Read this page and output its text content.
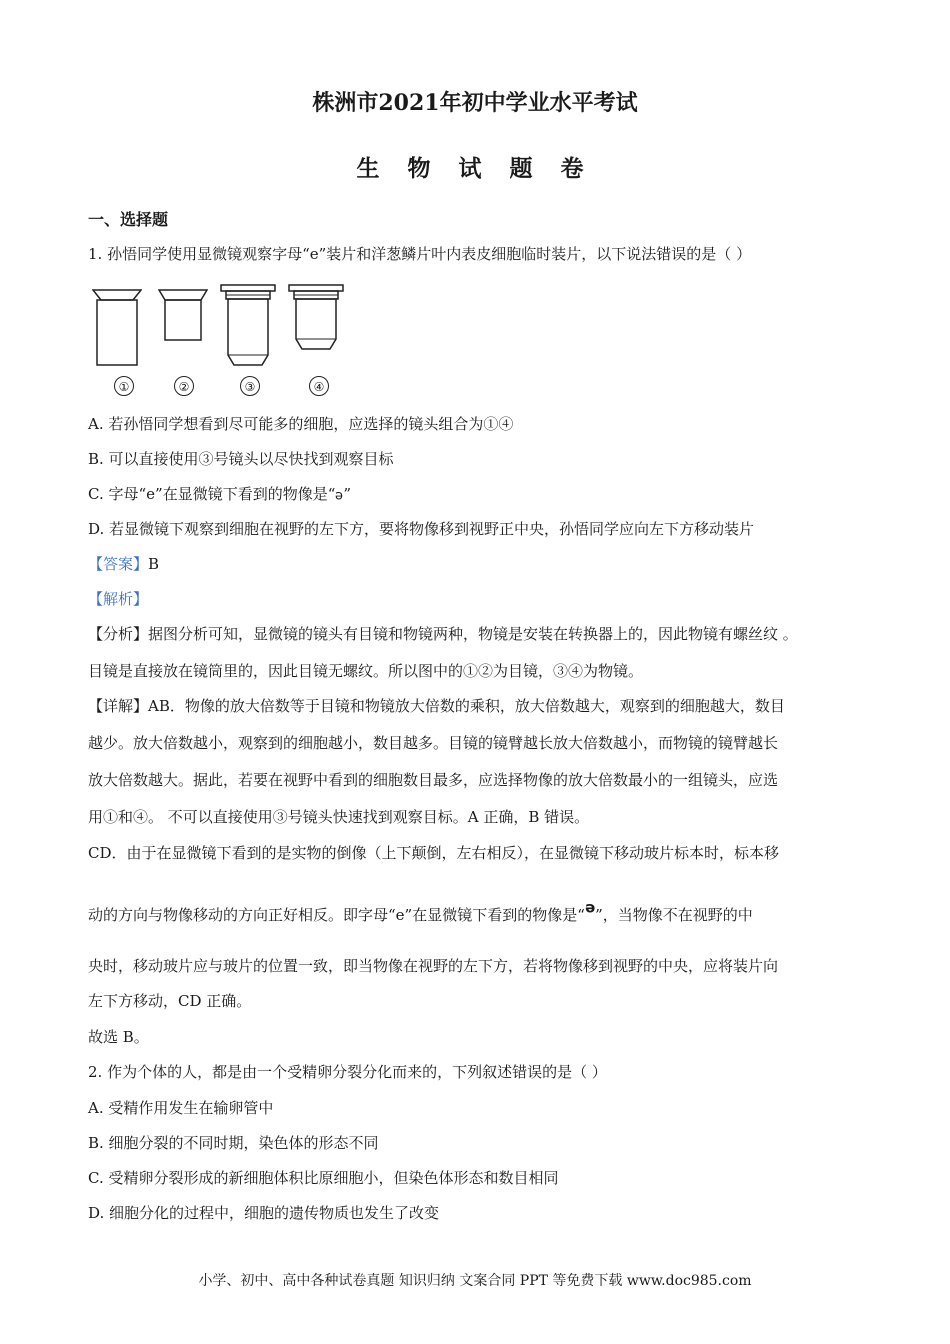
株洲市2021年初中学业水平考试
生 物 试 题 卷
一、选择题
1. 孙悟同学使用显微镜观察字母“e”装片和洋葱鳞片叶内表皮细胞临时装片，以下说法错误的是（ ）
①	②	③	④
A. 若孙悟同学想看到尽可能多的细胞，应选择的镜头组合为①④
B. 可以直接使用③号镜头以尽快找到观察目标
C. 字母“e”在显微镜下看到的物像是“e”
D. 若显微镜下观察到细胞在视野的左下方，要将物像移到视野正中央，孙悟同学应向左下方移动装片
【答案】B
【解析】
【分析】据图分析可知，显微镜的镜头有目镜和物镜两种，物镜是安装在转换器上的，因此物镜有螺丝纹 。
目镜是直接放在镜筒里的，因此目镜无螺纹。所以图中的①②为目镜，③④为物镜。
【详解】AB．物像的放大倍数等于目镜和物镜放大倍数的乘积，放大倍数越大，观察到的细胞越大，数目
越少。放大倍数越小，观察到的细胞越小，数目越多。目镜的镜臂越长放大倍数越小，而物镜的镜臂越长
放大倍数越大。据此，若要在视野中看到的细胞数目最多，应选择物像的放大倍数最小的一组镜头，应选
用①和④。 不可以直接使用③号镜头快速找到观察目标。A 正确，B 错误。
CD．由于在显微镜下看到的是实物的倒像（上下颠倒，左右相反），在显微镜下移动玻片标本时，标本移
动的方向与物像移动的方向正好相反。即字母“e”在显微镜下看到的物像是“e”，当物像不在视野的中
央时，移动玻片应与玻片的位置一致，即当物像在视野的左下方，若将物像移到视野的中央，应将装片向
左下方移动，CD 正确。
故选 B。
2. 作为个体的人，都是由一个受精卵分裂分化而来的，下列叙述错误的是（ ）
A. 受精作用发生在输卵管中
B. 细胞分裂的不同时期，染色体的形态不同
C. 受精卵分裂形成的新细胞体积比原细胞小，但染色体形态和数目相同
D. 细胞分化的过程中，细胞的遗传物质也发生了改变
小学、初中、高中各种试卷真题 知识归纳 文案合同 PPT 等免费下载 www.doc985.com
